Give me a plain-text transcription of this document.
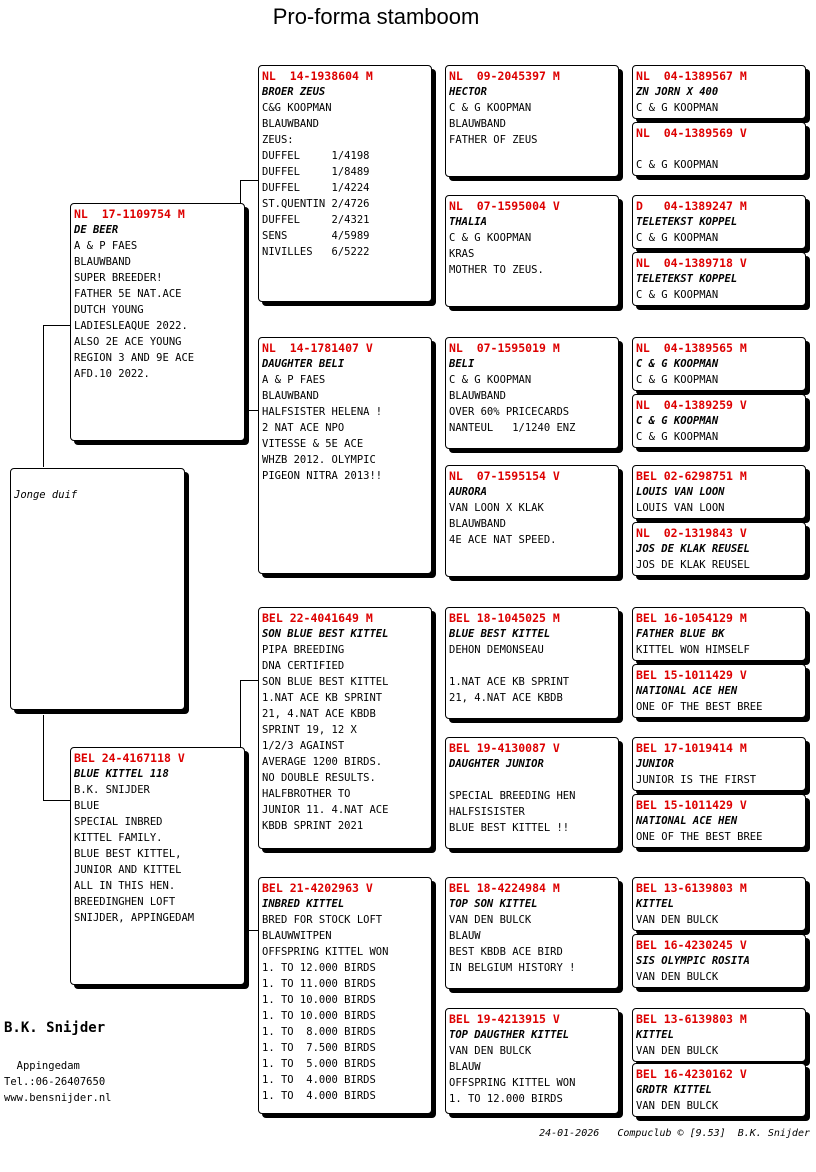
Pro-forma stamboom
Jonge duif
NL  17-1109754 M
DE BEER
A & P FAES
BLAUWBAND
SUPER BREEDER!
FATHER 5E NAT.ACE
DUTCH YOUNG
LADIESLEAQUE 2022.
ALSO 2E ACE YOUNG
REGION 3 AND 9E ACE
AFD.10 2022.
BEL 24-4167118 V
BLUE KITTEL 118
B.K. SNIJDER
BLUE
SPECIAL INBRED
KITTEL FAMILY.
BLUE BEST KITTEL,
JUNIOR AND KITTEL
ALL IN THIS HEN.
BREEDINGHEN LOFT
SNIJDER, APPINGEDAM
NL  14-1938604 M
BROER ZEUS
C&G KOOPMAN
BLAUWBAND
ZEUS:
DUFFEL     1/4198
DUFFEL     1/8489
DUFFEL     1/4224
ST.QUENTIN 2/4726
DUFFEL     2/4321
SENS       4/5989
NIVILLES   6/5222
NL  14-1781407 V
DAUGHTER BELI
A & P FAES
BLAUWBAND
HALFSISTER HELENA !
2 NAT ACE NPO
VITESSE & 5E ACE
WHZB 2012. OLYMPIC
PIGEON NITRA 2013!!
BEL 22-4041649 M
SON BLUE BEST KITTEL
PIPA BREEDING
DNA CERTIFIED
SON BLUE BEST KITTEL
1.NAT ACE KB SPRINT
21, 4.NAT ACE KBDB
SPRINT 19, 12 X
1/2/3 AGAINST
AVERAGE 1200 BIRDS.
NO DOUBLE RESULTS.
HALFBROTHER TO
JUNIOR 11. 4.NAT ACE
KBDB SPRINT 2021
BEL 21-4202963 V
INBRED KITTEL
BRED FOR STOCK LOFT
BLAUWWITPEN
OFFSPRING KITTEL WON
1. TO 12.000 BIRDS
1. TO 11.000 BIRDS
1. TO 10.000 BIRDS
1. TO 10.000 BIRDS
1. TO  8.000 BIRDS
1. TO  7.500 BIRDS
1. TO  5.000 BIRDS
1. TO  4.000 BIRDS
1. TO  4.000 BIRDS
NL  09-2045397 M
HECTOR
C & G KOOPMAN
BLAUWBAND
FATHER OF ZEUS
NL  07-1595004 V
THALIA
C & G KOOPMAN
KRAS
MOTHER TO ZEUS.
NL  07-1595019 M
BELI
C & G KOOPMAN
BLAUWBAND
OVER 60% PRICECARDS
NANTEUL   1/1240 ENZ
NL  07-1595154 V
AURORA
VAN LOON X KLAK
BLAUWBAND
4E ACE NAT SPEED.
BEL 18-1045025 M
BLUE BEST KITTEL
DEHON DEMONSEAU
1.NAT ACE KB SPRINT
21, 4.NAT ACE KBDB
BEL 19-4130087 V
DAUGHTER JUNIOR
SPECIAL BREEDING HEN
HALFSISISTER
BLUE BEST KITTEL !!
BEL 18-4224984 M
TOP SON KITTEL
VAN DEN BULCK
BLAUW
BEST KBDB ACE BIRD
IN BELGIUM HISTORY !
BEL 19-4213915 V
TOP DAUGTHER KITTEL
VAN DEN BULCK
BLAUW
OFFSPRING KITTEL WON
1. TO 12.000 BIRDS
NL  04-1389567 M
ZN JORN X 400
C & G KOOPMAN
NL  04-1389569 V
C & G KOOPMAN
D   04-1389247 M
TELETEKST KOPPEL
C & G KOOPMAN
NL  04-1389718 V
TELETEKST KOPPEL
C & G KOOPMAN
NL  04-1389565 M
C & G KOOPMAN
C & G KOOPMAN
NL  04-1389259 V
C & G KOOPMAN
C & G KOOPMAN
BEL 02-6298751 M
LOUIS VAN LOON
LOUIS VAN LOON
NL  02-1319843 V
JOS DE KLAK REUSEL
JOS DE KLAK REUSEL
BEL 16-1054129 M
FATHER BLUE BK
KITTEL WON HIMSELF
BEL 15-1011429 V
NATIONAL ACE HEN
ONE OF THE BEST BREE
BEL 17-1019414 M
JUNIOR
JUNIOR IS THE FIRST
BEL 15-1011429 V
NATIONAL ACE HEN
ONE OF THE BEST BREE
BEL 13-6139803 M
KITTEL
VAN DEN BULCK
BEL 16-4230245 V
SIS OLYMPIC ROSITA
VAN DEN BULCK
BEL 13-6139803 M
KITTEL
VAN DEN BULCK
BEL 16-4230162 V
GRDTR KITTEL
VAN DEN BULCK
B.K. Snijder
Appingedam
Tel.:06-26407650
www.bensnijder.nl
24-01-2026   Compuclub © [9.53]  B.K. Snijder
